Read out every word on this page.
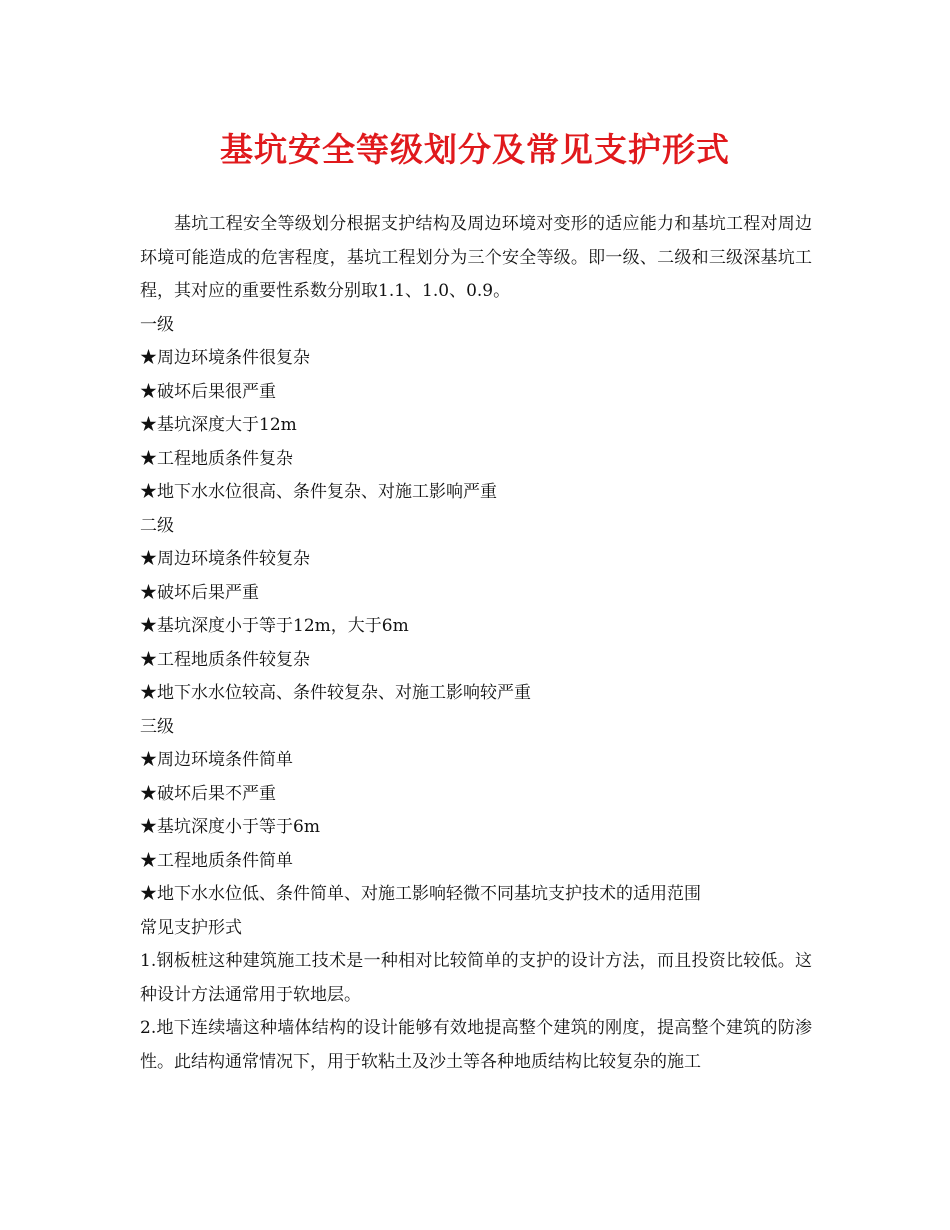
基坑安全等级划分及常见支护形式

基坑工程安全等级划分根据支护结构及周边环境对变形的适应能力和基坑工程对周边环境可能造成的危害程度，基坑工程划分为三个安全等级。即一级、二级和三级深基坑工程，其对应的重要性系数分别取1.1、1.0、0.9。

一级

★周边环境条件很复杂

★破坏后果很严重

★基坑深度大于12m

★工程地质条件复杂

★地下水水位很高、条件复杂、对施工影响严重

二级

★周边环境条件较复杂

★破坏后果严重

★基坑深度小于等于12m，大于6m

★工程地质条件较复杂

★地下水水位较高、条件较复杂、对施工影响较严重

三级

★周边环境条件简单

★破坏后果不严重

★基坑深度小于等于6m

★工程地质条件简单

★地下水水位低、条件简单、对施工影响轻微不同基坑支护技术的适用范围

常见支护形式

1.钢板桩这种建筑施工技术是一种相对比较简单的支护的设计方法，而且投资比较低。这种设计方法通常用于软地层。

2.地下连续墙这种墙体结构的设计能够有效地提高整个建筑的刚度，提高整个建筑的防渗性。此结构通常情况下，用于软粘土及沙土等各种地质结构比较复杂的施工
